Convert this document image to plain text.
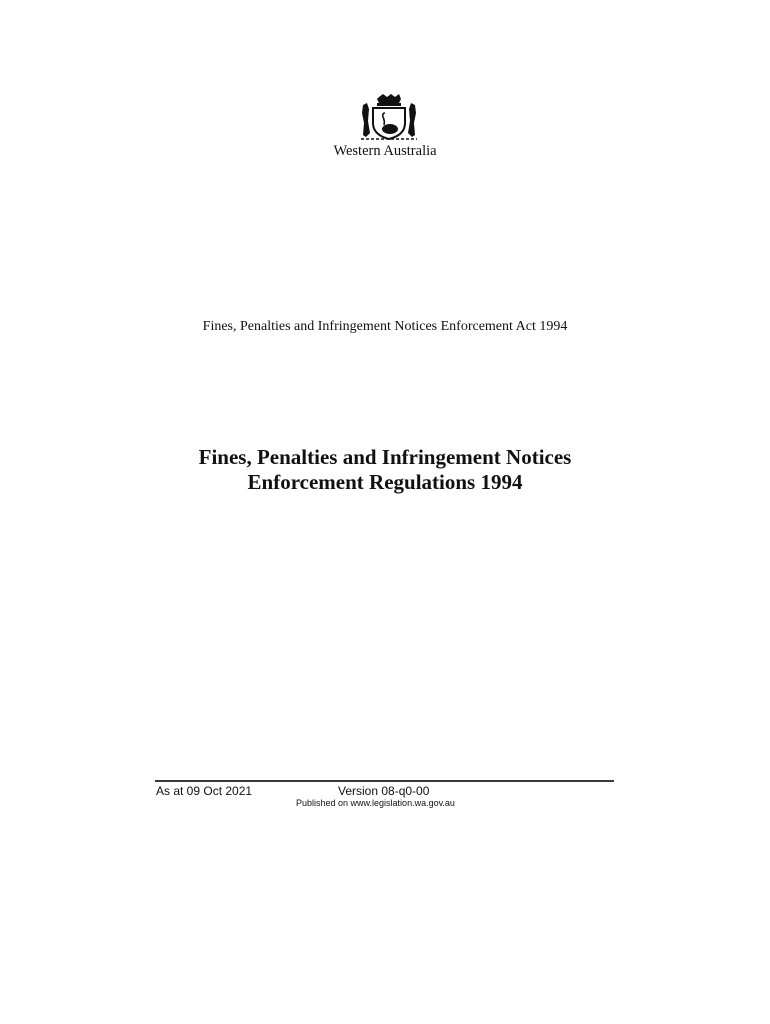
Western Australia
Fines, Penalties and Infringement Notices Enforcement Act 1994
Fines, Penalties and Infringement Notices
Enforcement Regulations 1994
As at 09 Oct 2021	Version 08-q0-00
Published on www.legislation.wa.gov.au
